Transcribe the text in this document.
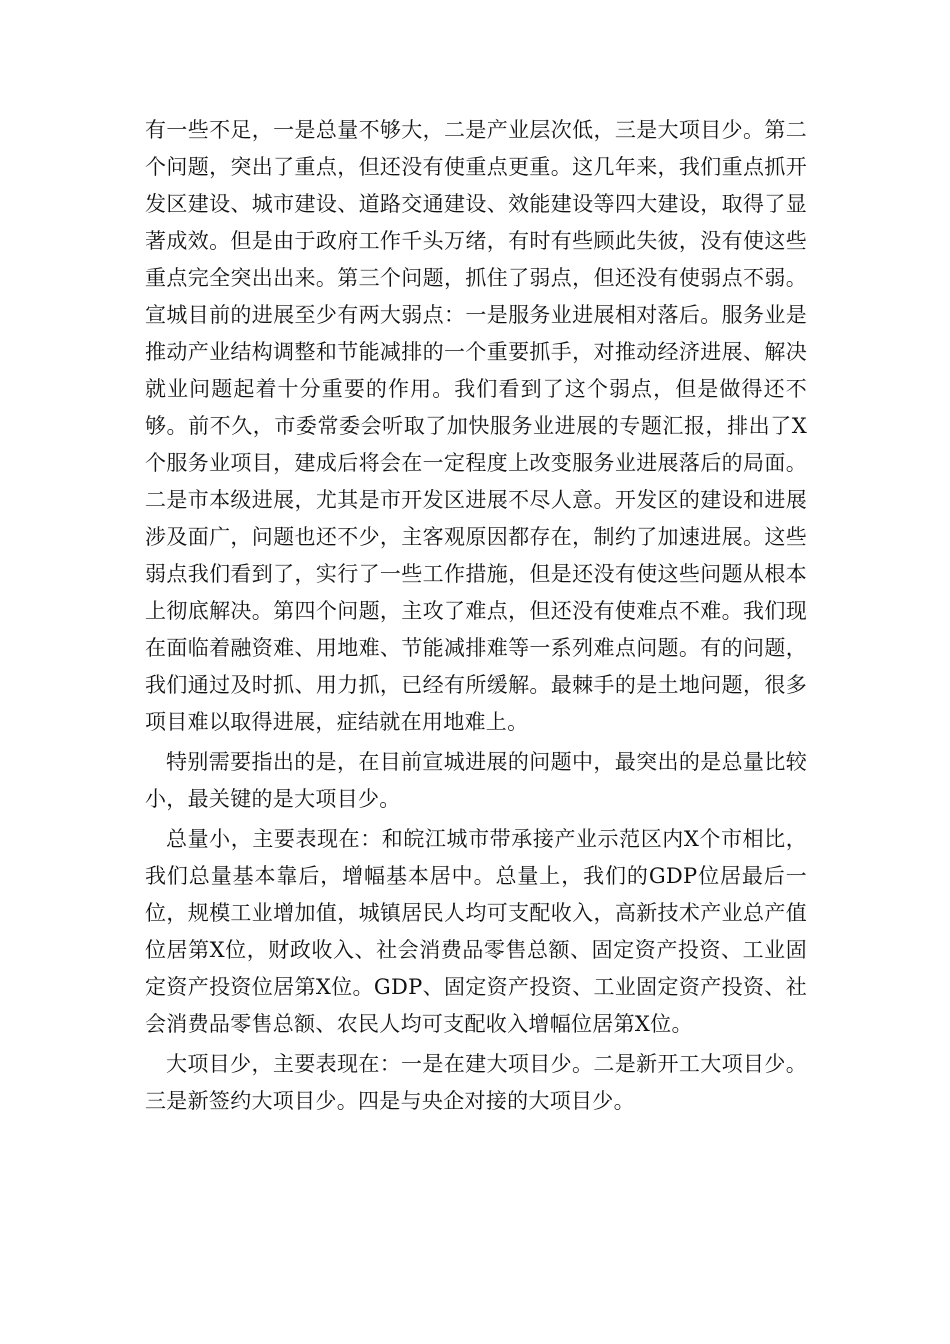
有一些不足，一是总量不够大，二是产业层次低，三是大项目少。第二个问题，突出了重点，但还没有使重点更重。这几年来，我们重点抓开发区建设、城市建设、道路交通建设、效能建设等四大建设，取得了显著成效。但是由于政府工作千头万绪，有时有些顾此失彼，没有使这些重点完全突出出来。第三个问题，抓住了弱点，但还没有使弱点不弱。宣城目前的进展至少有两大弱点：一是服务业进展相对落后。服务业是推动产业结构调整和节能减排的一个重要抓手，对推动经济进展、解决就业问题起着十分重要的作用。我们看到了这个弱点，但是做得还不够。前不久，市委常委会听取了加快服务业进展的专题汇报，排出了X个服务业项目，建成后将会在一定程度上改变服务业进展落后的局面。二是市本级进展，尤其是市开发区进展不尽人意。开发区的建设和进展涉及面广，问题也还不少，主客观原因都存在，制约了加速进展。这些弱点我们看到了，实行了一些工作措施，但是还没有使这些问题从根本上彻底解决。第四个问题，主攻了难点，但还没有使难点不难。我们现在面临着融资难、用地难、节能减排难等一系列难点问题。有的问题，我们通过及时抓、用力抓，已经有所缓解。最棘手的是土地问题，很多项目难以取得进展，症结就在用地难上。

特别需要指出的是，在目前宣城进展的问题中，最突出的是总量比较小，最关键的是大项目少。

总量小，主要表现在：和皖江城市带承接产业示范区内X个市相比，我们总量基本靠后，增幅基本居中。总量上，我们的GDP位居最后一位，规模工业增加值，城镇居民人均可支配收入，高新技术产业总产值位居第X位，财政收入、社会消费品零售总额、固定资产投资、工业固定资产投资位居第X位。GDP、固定资产投资、工业固定资产投资、社会消费品零售总额、农民人均可支配收入增幅位居第X位。

大项目少，主要表现在：一是在建大项目少。二是新开工大项目少。三是新签约大项目少。四是与央企对接的大项目少。
